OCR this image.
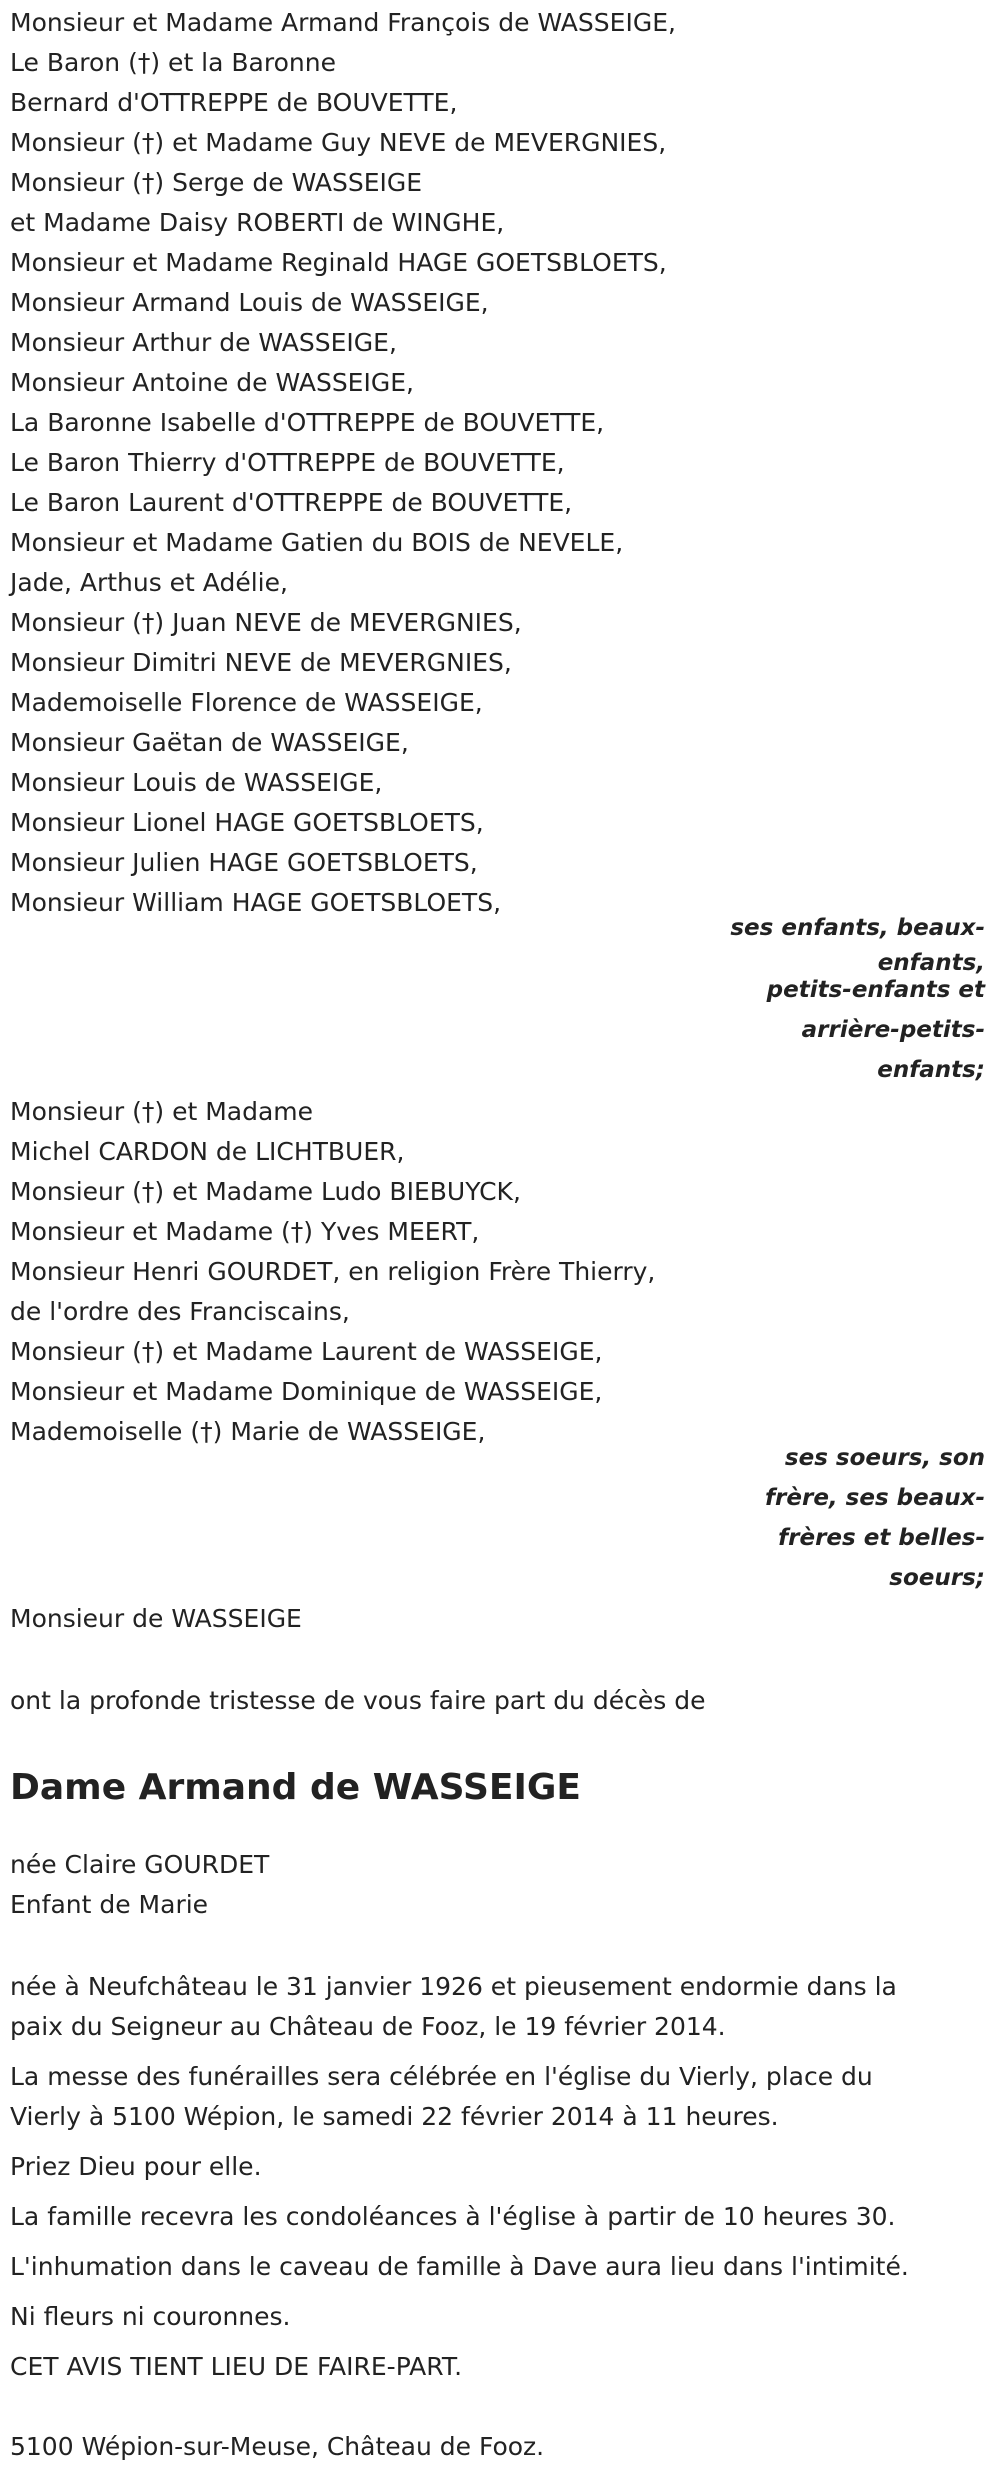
Monsieur et Madame Armand François de WASSEIGE,
Le Baron (†) et la Baronne
Bernard d'OTTREPPE de BOUVETTE,
Monsieur (†) et Madame Guy NEVE de MEVERGNIES,
Monsieur (†) Serge de WASSEIGE
et Madame Daisy ROBERTI de WINGHE,
Monsieur et Madame Reginald HAGE GOETSBLOETS,
Monsieur Armand Louis de WASSEIGE,
Monsieur Arthur de WASSEIGE,
Monsieur Antoine de WASSEIGE,
La Baronne Isabelle d'OTTREPPE de BOUVETTE,
Le Baron Thierry d'OTTREPPE de BOUVETTE,
Le Baron Laurent d'OTTREPPE de BOUVETTE,
Monsieur et Madame Gatien du BOIS de NEVELE,
Jade, Arthus et Adélie,
Monsieur (†) Juan NEVE de MEVERGNIES,
Monsieur Dimitri NEVE de MEVERGNIES,
Mademoiselle Florence de WASSEIGE,
Monsieur Gaëtan de WASSEIGE,
Monsieur Louis de WASSEIGE,
Monsieur Lionel HAGE GOETSBLOETS,
Monsieur Julien HAGE GOETSBLOETS,
Monsieur William HAGE GOETSBLOETS,
ses enfants, beaux-
enfants,
petits-enfants et
arrière-petits-
enfants;
Monsieur (†) et Madame
Michel CARDON de LICHTBUER,
Monsieur (†) et Madame Ludo BIEBUYCK,
Monsieur et Madame (†) Yves MEERT,
Monsieur Henri GOURDET, en religion Frère Thierry,
de l'ordre des Franciscains,
Monsieur (†) et Madame Laurent de WASSEIGE,
Monsieur et Madame Dominique de WASSEIGE,
Mademoiselle (†) Marie de WASSEIGE,
ses soeurs, son
frère, ses beaux-
frères et belles-
soeurs;
Monsieur de WASSEIGE
ont la profonde tristesse de vous faire part du décès de
Dame Armand de WASSEIGE
née Claire GOURDET
Enfant de Marie
née à Neufchâteau le 31 janvier 1926 et pieusement endormie dans la
paix du Seigneur au Château de Fooz, le 19 février 2014.
La messe des funérailles sera célébrée en l'église du Vierly, place du
Vierly à 5100 Wépion, le samedi 22 février 2014 à 11 heures.
Priez Dieu pour elle.
La famille recevra les condoléances à l'église à partir de 10 heures 30.
L'inhumation dans le caveau de famille à Dave aura lieu dans l'intimité.
Ni fleurs ni couronnes.
CET AVIS TIENT LIEU DE FAIRE-PART.
5100 Wépion-sur-Meuse, Château de Fooz.
